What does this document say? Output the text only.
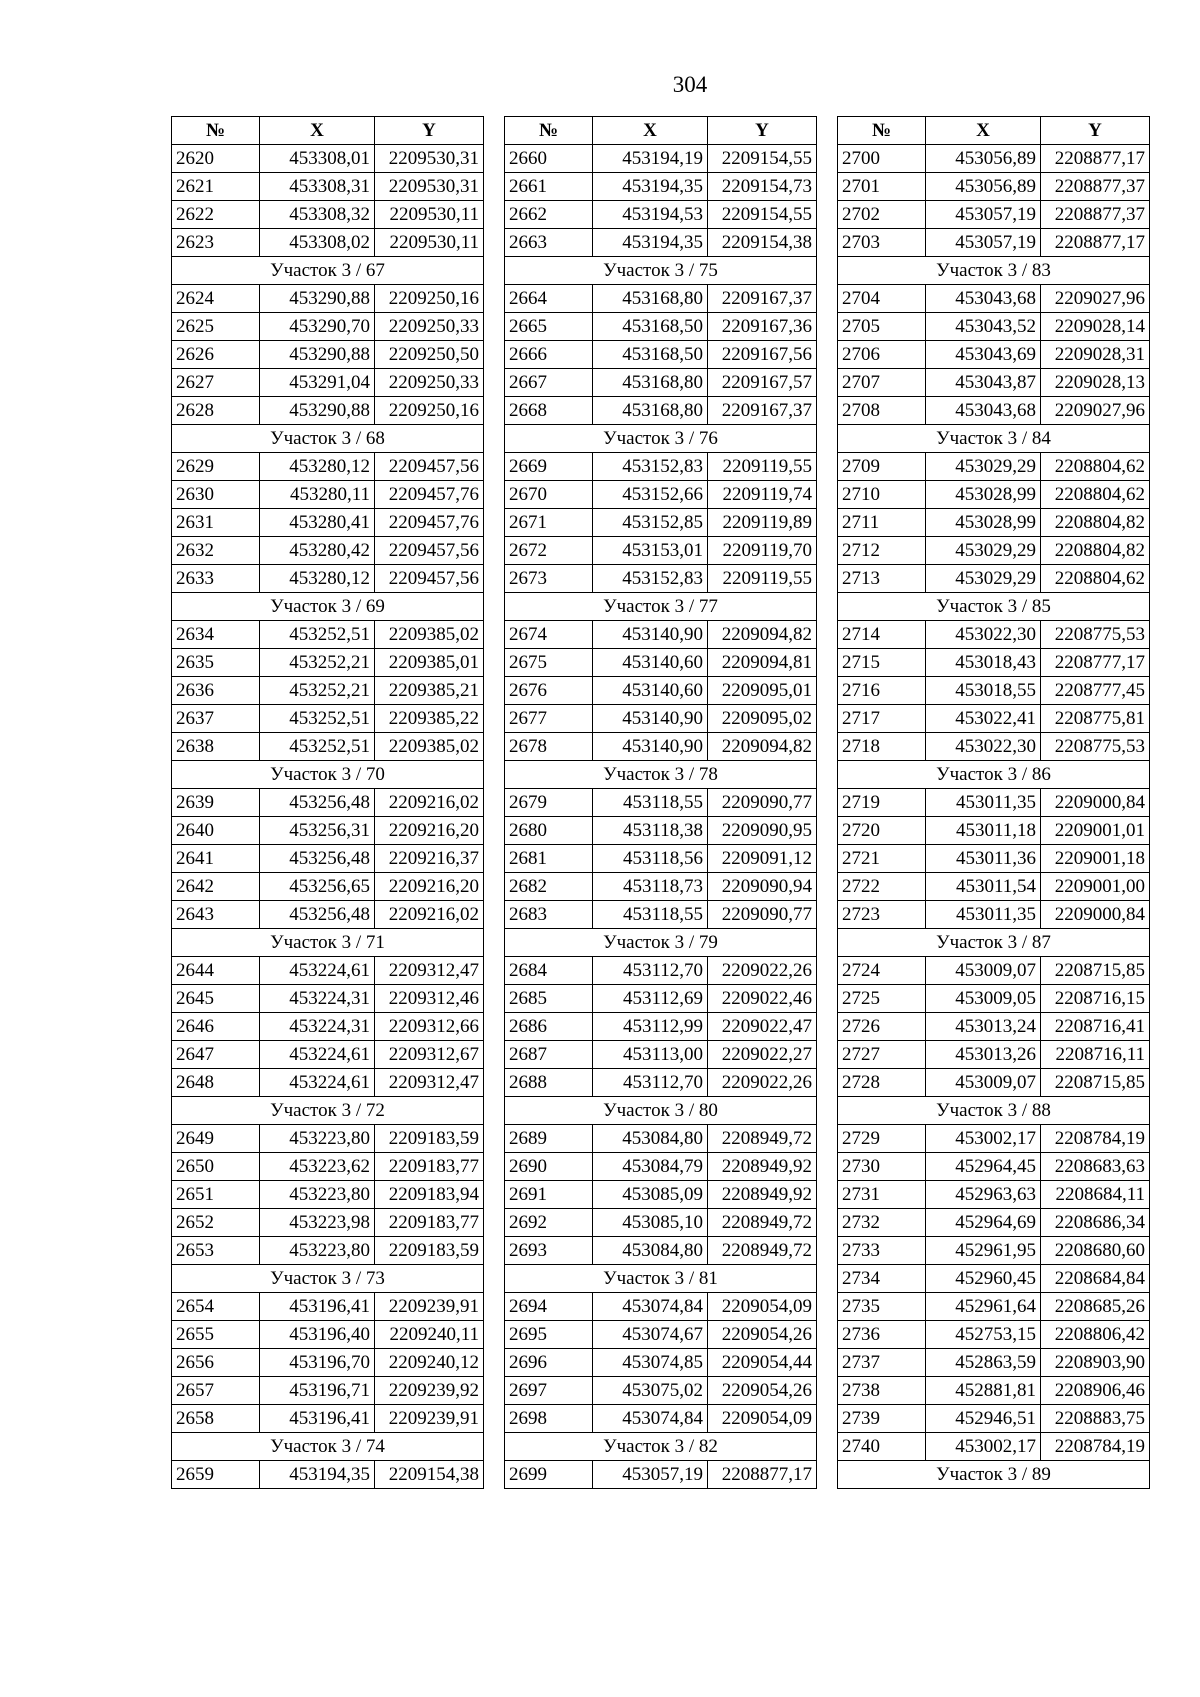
304
№	X	Y
2620	453308,01	2209530,31
2621	453308,31	2209530,31
2622	453308,32	2209530,11
2623	453308,02	2209530,11
Участок 3 / 67		
2624	453290,88	2209250,16
2625	453290,70	2209250,33
2626	453290,88	2209250,50
2627	453291,04	2209250,33
2628	453290,88	2209250,16
Участок 3 / 68		
2629	453280,12	2209457,56
2630	453280,11	2209457,76
2631	453280,41	2209457,76
2632	453280,42	2209457,56
2633	453280,12	2209457,56
Участок 3 / 69		
2634	453252,51	2209385,02
2635	453252,21	2209385,01
2636	453252,21	2209385,21
2637	453252,51	2209385,22
2638	453252,51	2209385,02
Участок 3 / 70		
2639	453256,48	2209216,02
2640	453256,31	2209216,20
2641	453256,48	2209216,37
2642	453256,65	2209216,20
2643	453256,48	2209216,02
Участок 3 / 71		
2644	453224,61	2209312,47
2645	453224,31	2209312,46
2646	453224,31	2209312,66
2647	453224,61	2209312,67
2648	453224,61	2209312,47
Участок 3 / 72		
2649	453223,80	2209183,59
2650	453223,62	2209183,77
2651	453223,80	2209183,94
2652	453223,98	2209183,77
2653	453223,80	2209183,59
Участок 3 / 73		
2654	453196,41	2209239,91
2655	453196,40	2209240,11
2656	453196,70	2209240,12
2657	453196,71	2209239,92
2658	453196,41	2209239,91
Участок 3 / 74		
2659	453194,35	2209154,38
№	X	Y
2660	453194,19	2209154,55
2661	453194,35	2209154,73
2662	453194,53	2209154,55
2663	453194,35	2209154,38
Участок 3 / 75		
2664	453168,80	2209167,37
2665	453168,50	2209167,36
2666	453168,50	2209167,56
2667	453168,80	2209167,57
2668	453168,80	2209167,37
Участок 3 / 76		
2669	453152,83	2209119,55
2670	453152,66	2209119,74
2671	453152,85	2209119,89
2672	453153,01	2209119,70
2673	453152,83	2209119,55
Участок 3 / 77		
2674	453140,90	2209094,82
2675	453140,60	2209094,81
2676	453140,60	2209095,01
2677	453140,90	2209095,02
2678	453140,90	2209094,82
Участок 3 / 78		
2679	453118,55	2209090,77
2680	453118,38	2209090,95
2681	453118,56	2209091,12
2682	453118,73	2209090,94
2683	453118,55	2209090,77
Участок 3 / 79		
2684	453112,70	2209022,26
2685	453112,69	2209022,46
2686	453112,99	2209022,47
2687	453113,00	2209022,27
2688	453112,70	2209022,26
Участок 3 / 80		
2689	453084,80	2208949,72
2690	453084,79	2208949,92
2691	453085,09	2208949,92
2692	453085,10	2208949,72
2693	453084,80	2208949,72
Участок 3 / 81		
2694	453074,84	2209054,09
2695	453074,67	2209054,26
2696	453074,85	2209054,44
2697	453075,02	2209054,26
2698	453074,84	2209054,09
Участок 3 / 82		
2699	453057,19	2208877,17
№	X	Y
2700	453056,89	2208877,17
2701	453056,89	2208877,37
2702	453057,19	2208877,37
2703	453057,19	2208877,17
Участок 3 / 83		
2704	453043,68	2209027,96
2705	453043,52	2209028,14
2706	453043,69	2209028,31
2707	453043,87	2209028,13
2708	453043,68	2209027,96
Участок 3 / 84		
2709	453029,29	2208804,62
2710	453028,99	2208804,62
2711	453028,99	2208804,82
2712	453029,29	2208804,82
2713	453029,29	2208804,62
Участок 3 / 85		
2714	453022,30	2208775,53
2715	453018,43	2208777,17
2716	453018,55	2208777,45
2717	453022,41	2208775,81
2718	453022,30	2208775,53
Участок 3 / 86		
2719	453011,35	2209000,84
2720	453011,18	2209001,01
2721	453011,36	2209001,18
2722	453011,54	2209001,00
2723	453011,35	2209000,84
Участок 3 / 87		
2724	453009,07	2208715,85
2725	453009,05	2208716,15
2726	453013,24	2208716,41
2727	453013,26	2208716,11
2728	453009,07	2208715,85
Участок 3 / 88		
2729	453002,17	2208784,19
2730	452964,45	2208683,63
2731	452963,63	2208684,11
2732	452964,69	2208686,34
2733	452961,95	2208680,60
2734	452960,45	2208684,84
2735	452961,64	2208685,26
2736	452753,15	2208806,42
2737	452863,59	2208903,90
2738	452881,81	2208906,46
2739	452946,51	2208883,75
2740	453002,17	2208784,19
Участок 3 / 89		
